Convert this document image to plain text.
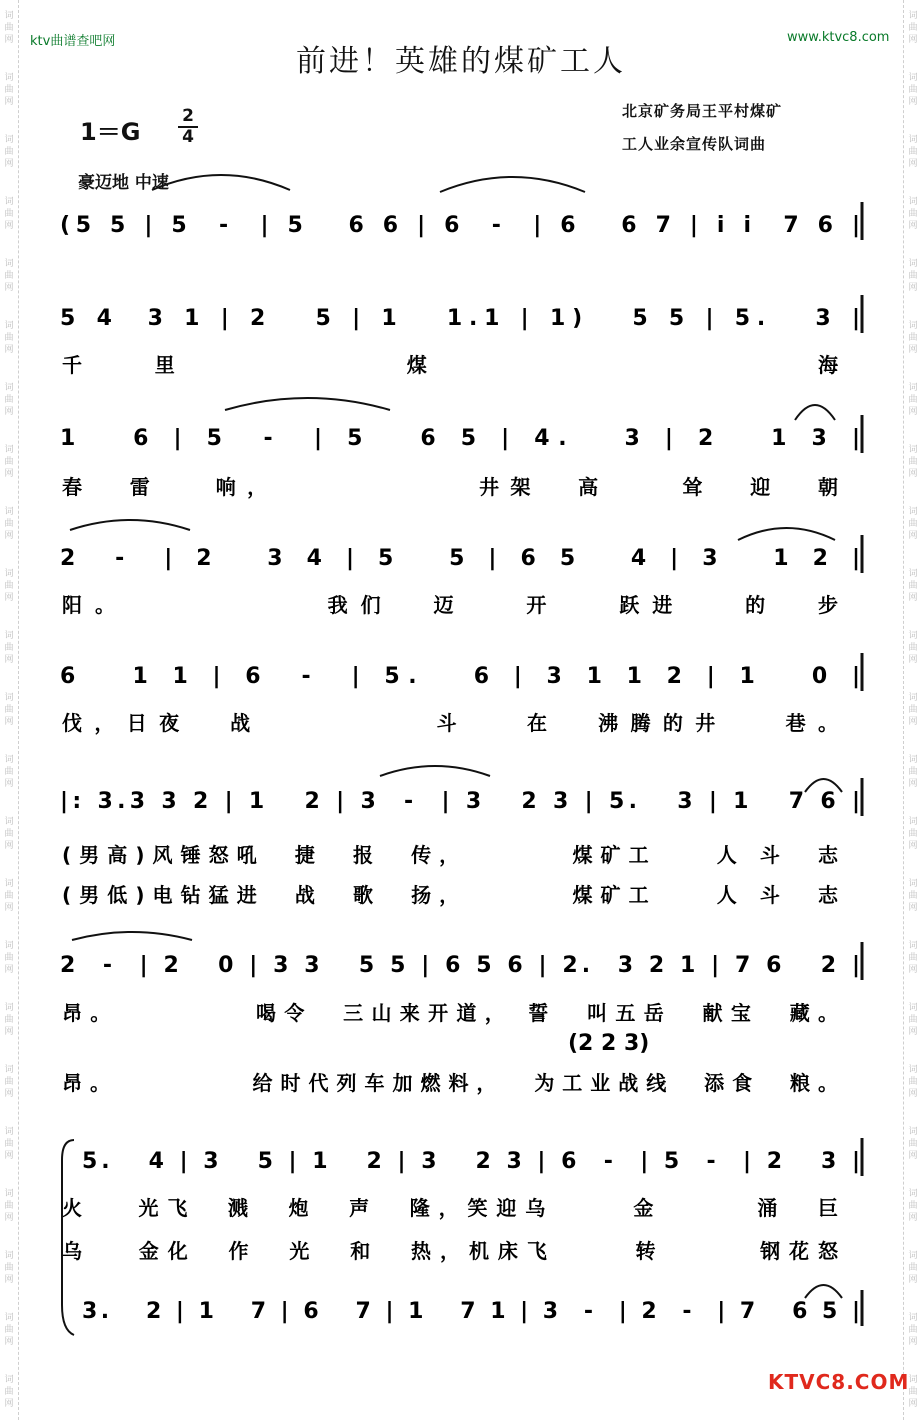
词
曲
网
词
曲
网
词
曲
网
词
曲
网
词
曲
网
词
曲
网
词
曲
网
词
曲
网
词
曲
网
词
曲
网
词
曲
网
词
曲
网
词
曲
网
词
曲
网
词
曲
网
词
曲
网
词
曲
网
词
曲
网
词
曲
网
词
曲
网
词
曲
网
词
曲
网
词
曲
网
词
曲
网
词
曲
网
词
曲
网
词
曲
网
词
曲
网
词
曲
网
词
曲
网
词
曲
网
词
曲
网
词
曲
网
词
曲
网
词
曲
网
词
曲
网
词
曲
网
词
曲
网
词
曲
网
词
曲
网
词
曲
网
词
曲
网
词
曲
网
词
曲
网
词
曲
网
词
曲
网
ktv曲谱查吧网	www.ktvc8.com
前进！英雄的煤矿工人
1＝G
2
4
北京矿务局王平村煤矿
工人业余宣传队词曲
豪迈地 中速
(5 5 | 5  -  | 5   6 6 | 6  -  | 6   6 7 | i i  7 6 |
5 4  3 1 | 2   5 | 1   1.1 | 1)   5 5 | 5.   3 |
千里  煤    海
1   6 | 5  -  | 5   6 5 | 4.   3 | 2   1 3 |
春  雷   响，           井架  高    耸  迎  朝
2  -  | 2   3 4 | 5   5 | 6 5   4 | 3   1 2 |
阳。          我们  迈   开   跃进   的  步
6   1 1 | 6  -  | 5.   6 | 3 1 1 2 | 1   0 |
伐，日夜  战         斗   在  沸腾的井   巷。
|: 3.3 3 2 | 1   2 | 3  -  | 3   2 3 | 5.   3 | 1   7 6 |
(男高)风锤怒吼  捷  报  传，       煤矿工    人 斗  志
(男低)电钻猛进  战  歌  扬，       煤矿工    人 斗  志
2  -  | 2   0 | 3 3   5 5 | 6 5 6 | 2.  3 2 1 | 7 6   2 |
昂。         喝令  三山来开道， 誓  叫五岳  献宝  藏。
(2 2 3)
昂。         给时代列车加燃料，  为工业战线  添食  粮。
5.   4 | 3   5 | 1   2 | 3   2 3 | 6  -  | 5  -  | 2   3 |
火   光飞  溅  炮  声  隆，笑迎乌     金      涌  巨
乌   金化  作  光  和  热，机床飞     转      钢花怒
3.   2 | 1   7 | 6   7 | 1   7 1 | 3  -  | 2  -  | 7   6 5 |
KTVC8.COM
